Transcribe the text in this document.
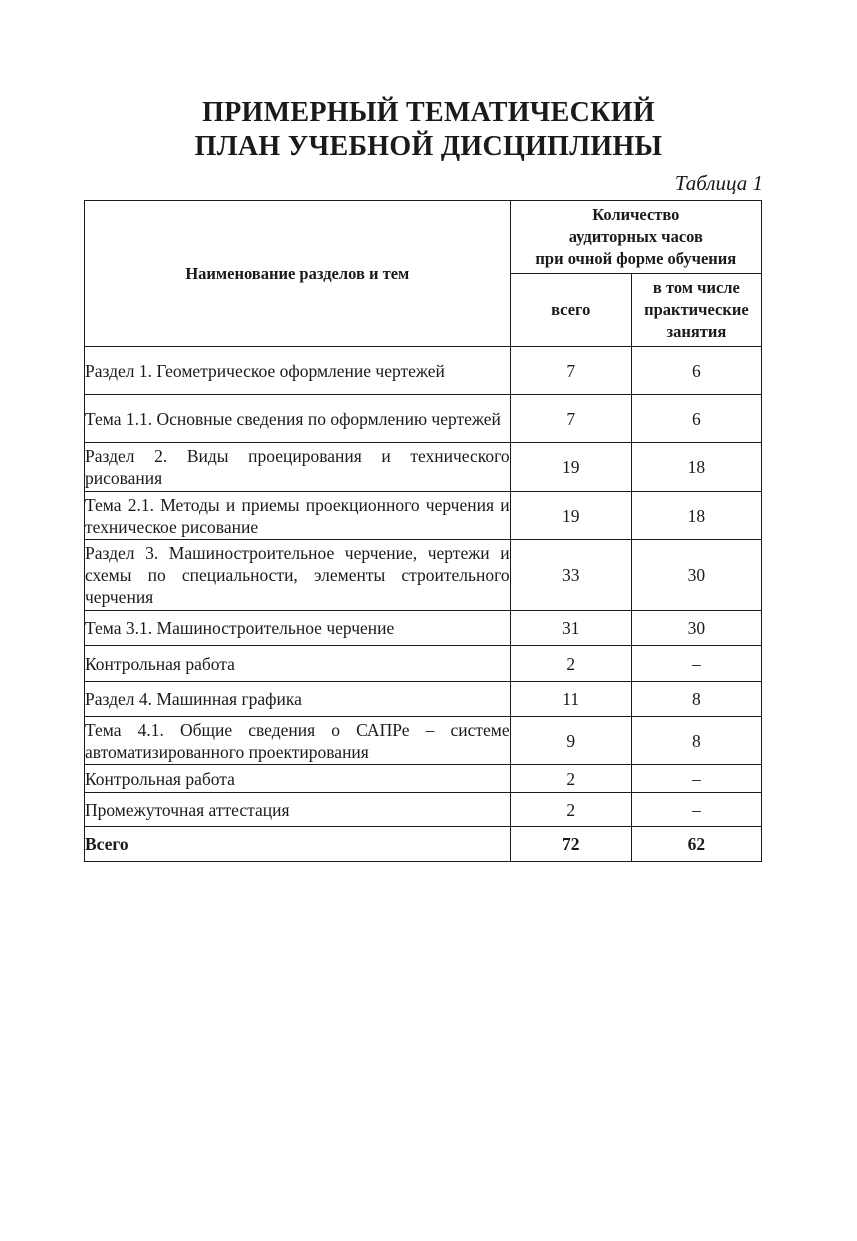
ПРИМЕРНЫЙ ТЕМАТИЧЕСКИЙ
ПЛАН УЧЕБНОЙ ДИСЦИПЛИНЫ
Таблица 1
Наименование разделов и тем	Количество
аудиторных часов
при очной форме обучения	

	всего	в том числе
практические
занятия

Раздел 1. Геометрическое оформление чертежей	7	6
Тема 1.1. Основные сведения по оформлению чертежей	7	6
Раздел 2. Виды проецирования и технического рисования	19	18
Тема 2.1. Методы и приемы проекционного черчения и техническое рисование	19	18
Раздел 3. Машиностроительное черчение, чертежи и схемы по специальности, элементы строительного черчения	33	30
Тема 3.1. Машиностроительное черчение	31	30
Контрольная работа	2	–
Раздел 4. Машинная графика	11	8
Тема 4.1. Общие сведения о САПРе – системе автоматизированного проектирования	9	8
Контрольная работа	2	–
Промежуточная аттестация	2	–
Всего	72	62
